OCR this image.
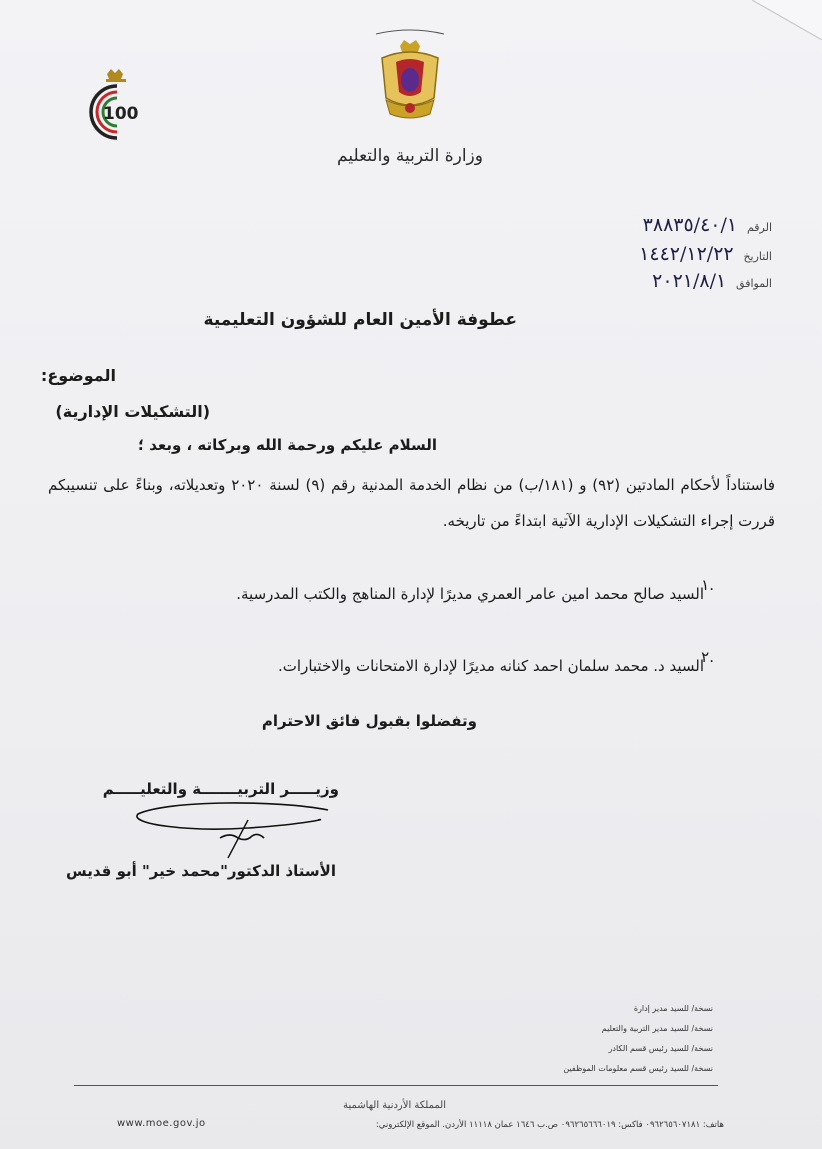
100
وزارة التربية والتعليم
الرقم ٣٨٨٣٥/٤٠/١
التاريخ ١٤٤٢/١٢/٢٢
الموافق ٢٠٢١/٨/١
عطوفة الأمين العام للشؤون التعليمية
الموضوع:
(التشكيلات الإدارية)
السلام عليكم ورحمة الله وبركاته ، وبعد ؛
فاستناداً لأحكام المادتين (٩٢) و (١٨١/ب) من نظام الخدمة المدنية رقم (٩) لسنة ٢٠٢٠ وتعديلاته، وبناءً على تنسيبكم قررت إجراء التشكيلات الإدارية الآتية ابتداءً من تاريخه.
١.
السيد صالح محمد امين عامر العمري مديرًا لإدارة المناهج والكتب المدرسية.
٢.
السيد د. محمد سلمان احمد كنانه مديرًا لإدارة الامتحانات والاختبارات.
وتفضلوا بقبول فائق الاحترام
وزيـــــر التربيـــــــة والتعليـــــم
الأستاذ الدكتور"محمد خير" أبو قديس
نسخة/ للسيد مدير إدارة
نسخة/ للسيد مدير التربية والتعليم
نسخة/ للسيد رئيس قسم الكادر
نسخة/ للسيد رئيس قسم معلومات الموظفين
المملكة الأردنية الهاشمية
هاتف: ٠٩٦٢٦٥٦٠٧١٨١ فاكس: ٠٩٦٢٦٥٦٦٦٠١٩ ص.ب ١٦٤٦ عمان ١١١١٨ الأردن. الموقع الإلكتروني:
www.moe.gov.jo
